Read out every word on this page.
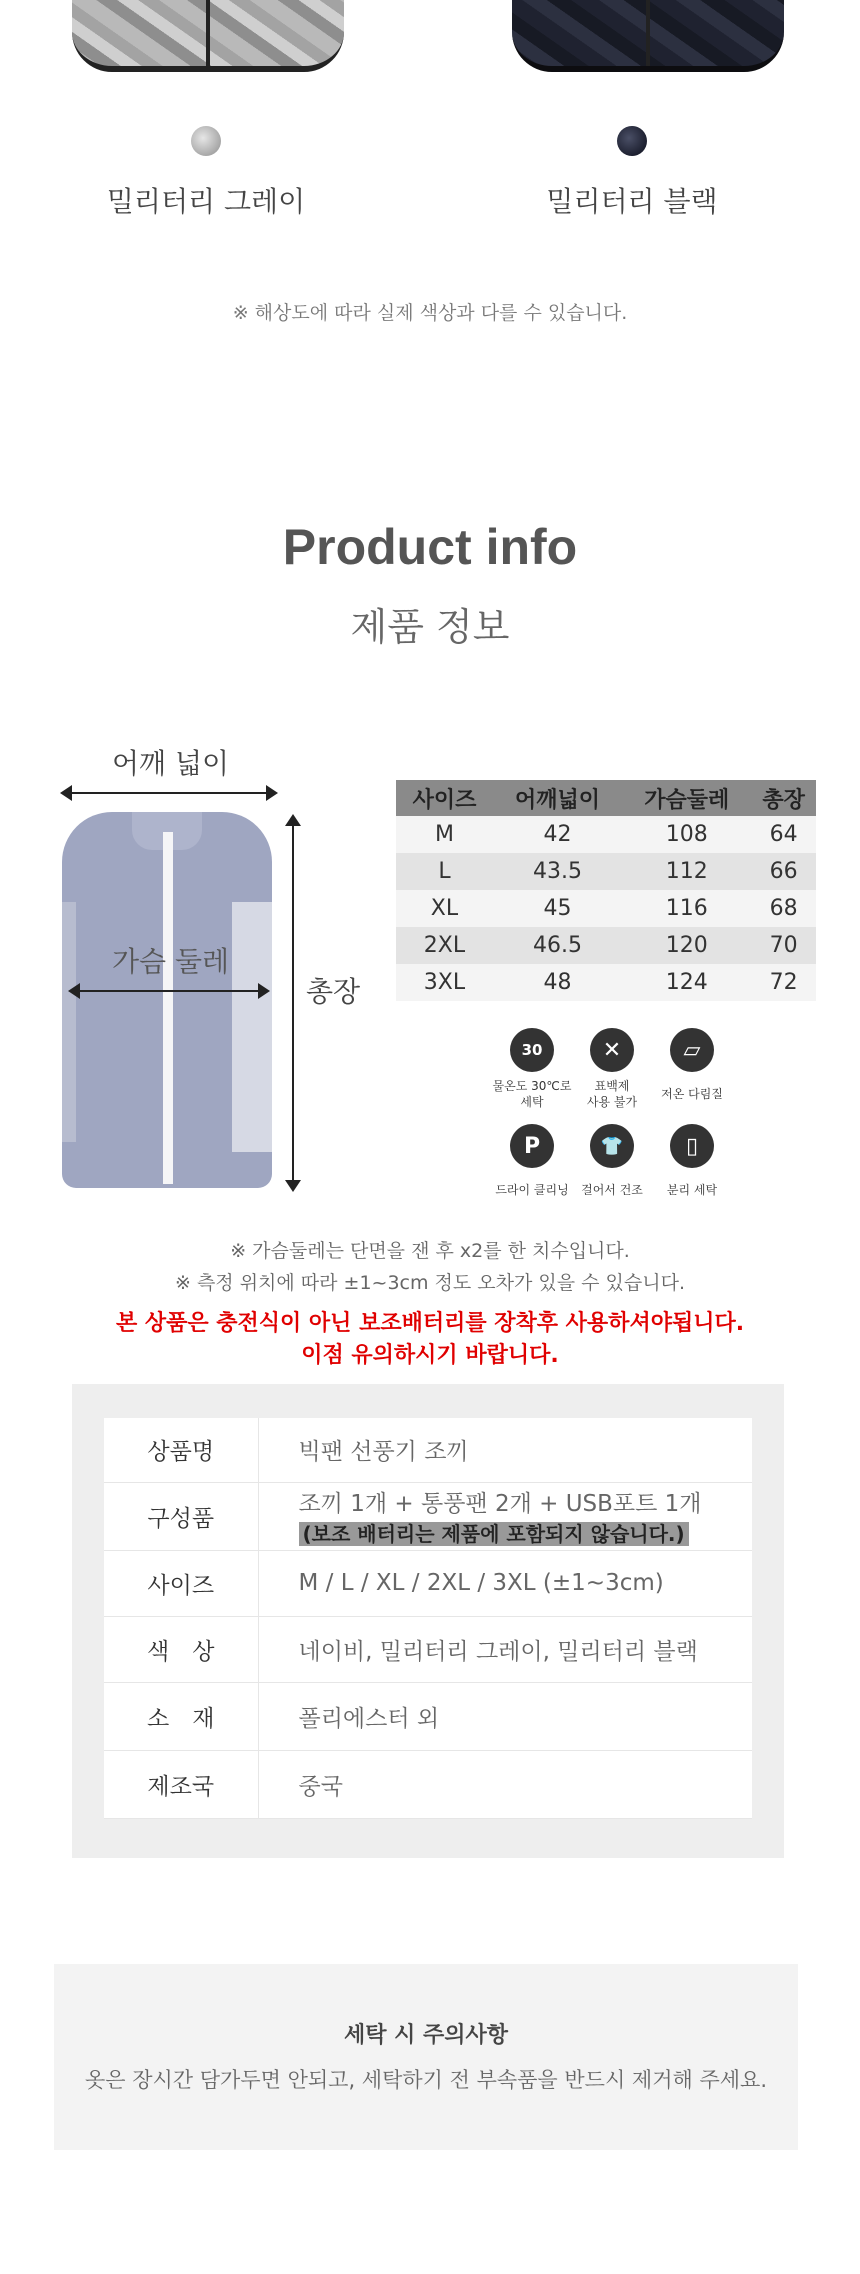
밀리터리 그레이	밀리터리 블랙
※ 해상도에 따라 실제 색상과 다를 수 있습니다.
Product info
제품 정보
어깨 넓이
가슴 둘레
총장
사이즈	어깨넓이	가슴둘레	총장
M	42	108	64
L	43.5	112	66
XL	45	116	68
2XL	46.5	120	70
3XL	48	124	72
30
물온도 30℃로
세탁
✕
표백제
사용 불가
▱
저온 다림질
P
드라이 클리닝
👕
걸어서 건조
▯
분리 세탁
※ 가슴둘레는 단면을 잰 후 x2를 한 치수입니다.
※ 측정 위치에 따라 ±1~3cm 정도 오차가 있을 수 있습니다.
본 상품은 충전식이 아닌 보조배터리를 장착후 사용하셔야됩니다.
이점 유의하시기 바랍니다.
상품명	빅팬 선풍기 조끼
구성품	조끼 1개 + 통풍팬 2개 + USB포트 1개
(보조 배터리는 제품에 포함되지 않습니다.)
사이즈	M / L / XL / 2XL / 3XL (±1~3cm)
색　상	네이비, 밀리터리 그레이, 밀리터리 블랙
소　재	폴리에스터 외
제조국	중국
세탁 시 주의사항
옷은 장시간 담가두면 안되고, 세탁하기 전 부속품을 반드시 제거해 주세요.
